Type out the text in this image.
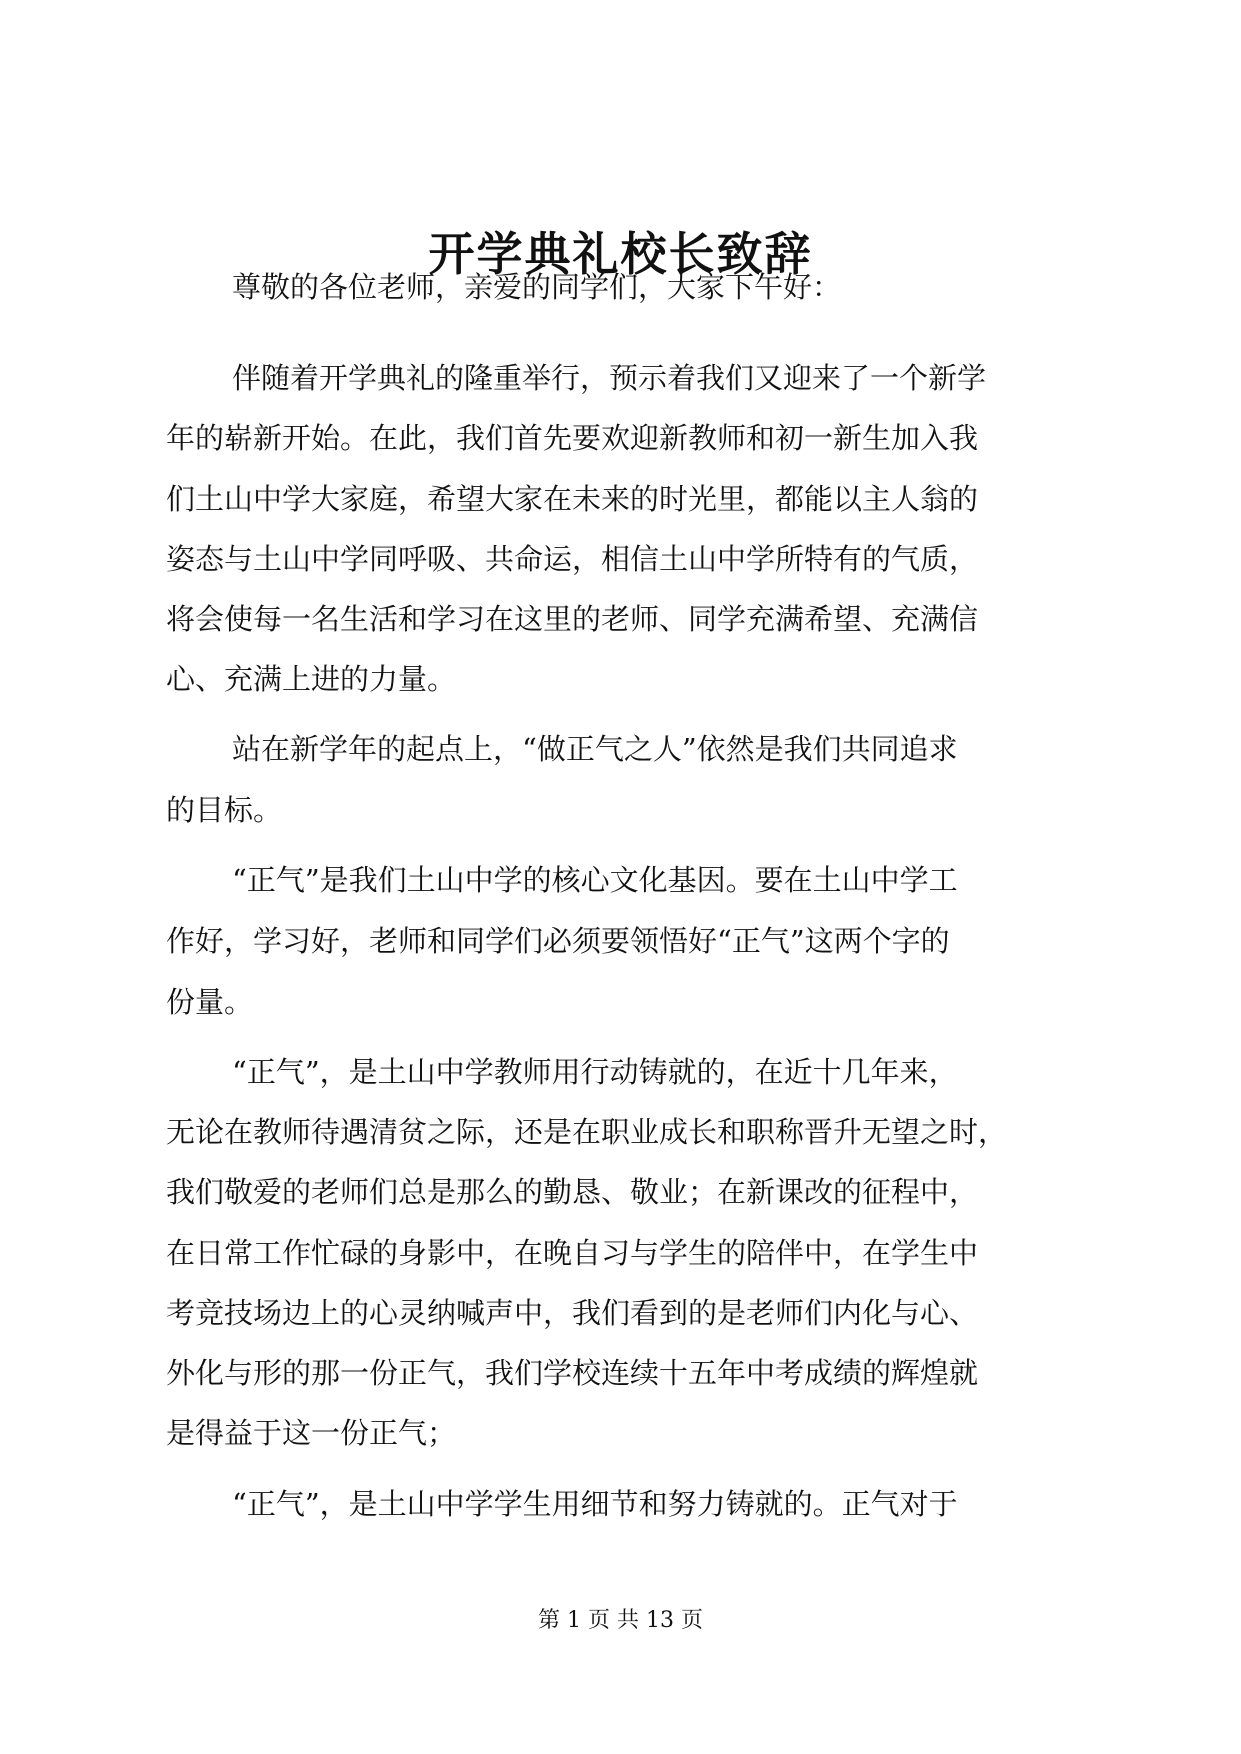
开学典礼校长致辞
尊敬的各位老师，亲爱的同学们，大家下午好：
伴随着开学典礼的隆重举行，预示着我们又迎来了一个新学
年的崭新开始。在此，我们首先要欢迎新教师和初一新生加入我
们土山中学大家庭，希望大家在未来的时光里，都能以主人翁的
姿态与土山中学同呼吸、共命运，相信土山中学所特有的气质，
将会使每一名生活和学习在这里的老师、同学充满希望、充满信
心、充满上进的力量。
站在新学年的起点上，“做正气之人”依然是我们共同追求
的目标。
“正气”是我们土山中学的核心文化基因。要在土山中学工
作好，学习好，老师和同学们必须要领悟好“正气”这两个字的
份量。
“正气”，是土山中学教师用行动铸就的，在近十几年来，
无论在教师待遇清贫之际，还是在职业成长和职称晋升无望之时，
我们敬爱的老师们总是那么的勤恳、敬业；在新课改的征程中，
在日常工作忙碌的身影中，在晚自习与学生的陪伴中，在学生中
考竞技场边上的心灵纳喊声中，我们看到的是老师们内化与心、
外化与形的那一份正气，我们学校连续十五年中考成绩的辉煌就
是得益于这一份正气；
“正气”，是土山中学学生用细节和努力铸就的。正气对于
第 1 页 共 13 页
